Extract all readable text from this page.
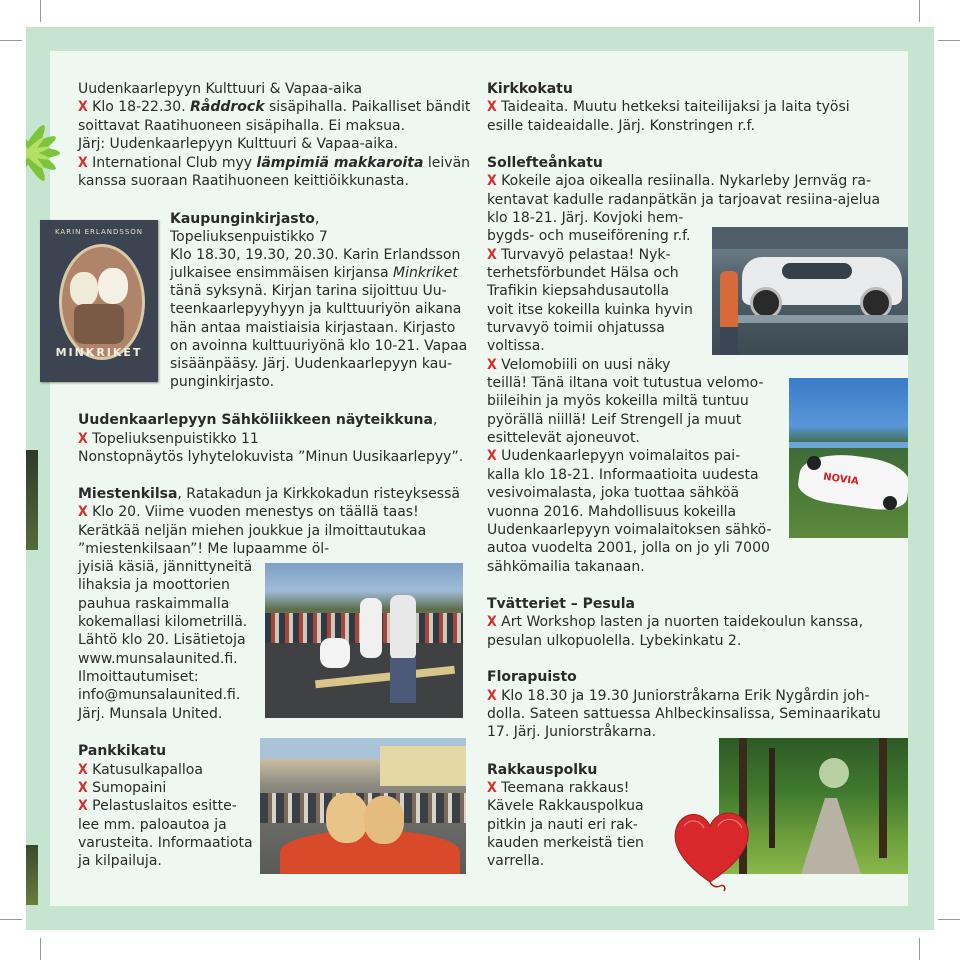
Uudenkaarlepyyn Kulttuuri & Vapaa-aika
X Klo 18-22.30. Råddrock sisäpihalla. Paikalliset bändit
soittavat Raatihuoneen sisäpihalla. Ei maksua.
Järj: Uudenkaarlepyyn Kulttuuri & Vapaa-aika.
X International Club myy lämpimiä makkaroita leivän
kanssa suoraan Raatihuoneen keittiöikkunasta.
KARIN ERLANDSSON
MINKRIKET
Kaupunginkirjasto,
Topeliuksenpuistikko 7
Klo 18.30, 19.30, 20.30. Karin Erlandsson
julkaisee ensimmäisen kirjansa Minkriket
tänä syksynä. Kirjan tarina sijoittuu Uu-
teenkaarlepyyhyyn ja kulttuuriyön aikana
hän antaa maistiaisia kirjastaan. Kirjasto
on avoinna kulttuuriyönä klo 10-21. Vapaa
sisäänpääsy. Järj. Uudenkaarlepyyn kau-
punginkirjasto.
Uudenkaarlepyyn Sähköliikkeen näyteikkuna,
X Topeliuksenpuistikko 11
Nonstopnäytös lyhytelokuvista ”Minun Uusikaarlepyy”.
Miestenkilsa, Ratakadun ja Kirkkokadun risteyksessä
X Klo 20. Viime vuoden menestys on täällä taas!
Kerätkää neljän miehen joukkue ja ilmoittautukaa
”miestenkilsaan”! Me lupaamme öl-
jyisiä käsiä, jännittyneitä
lihaksia ja moottorien
pauhua raskaimmalla
kokemallasi kilometrillä.
Lähtö klo 20. Lisätietoja
www.munsalaunited.fi.
Ilmoittautumiset:
info@munsalaunited.fi.
Järj. Munsala United.
Pankkikatu
X Katusulkapalloa
X Sumopaini
X Pelastuslaitos esitte-
lee mm. paloautoa ja
varusteita. Informaatiota
ja kilpailuja.
Kirkkokatu
X Taideaita. Muutu hetkeksi taiteilijaksi ja laita työsi
esille taideaidalle. Järj. Konstringen r.f.
Sollefteånkatu
X Kokeile ajoa oikealla resiinalla. Nykarleby Jernväg ra-
kentavat kadulle radanpätkän ja tarjoavat resiina-ajelua
klo 18-21. Järj. Kovjoki hem-
bygds- och museiförening r.f.
X Turvavyö pelastaa! Nyk-
terhetsförbundet Hälsa och
Trafikin kiepsahdusautolla
voit itse kokeilla kuinka hyvin
turvavyö toimii ohjatussa
voltissa.
X Velomobiili on uusi näky
teillä! Tänä iltana voit tutustua velomo-
biileihin ja myös kokeilla miltä tuntuu
pyörällä niillä! Leif Strengell ja muut
esittelevät ajoneuvot.
X Uudenkaarlepyyn voimalaitos pai-
kalla klo 18-21. Informaatioita uudesta
vesivoimalasta, joka tuottaa sähköä
vuonna 2016. Mahdollisuus kokeilla
Uudenkaarlepyyn voimalaitoksen sähkö-
autoa vuodelta 2001, jolla on jo yli 7000
sähkömailia takanaan.
NOVIA
Tvätteriet – Pesula
X Art Workshop lasten ja nuorten taidekoulun kanssa,
pesulan ulkopuolella. Lybekinkatu 2.
Florapuisto
X Klo 18.30 ja 19.30 Juniorstråkarna Erik Nygårdin joh-
dolla. Sateen sattuessa Ahlbeckinsalissa, Seminaarikatu
17. Järj. Juniorstråkarna.
Rakkauspolku
X Teemana rakkaus!
Kävele Rakkauspolkua
pitkin ja nauti eri rak-
kauden merkeistä tien
varrella.
